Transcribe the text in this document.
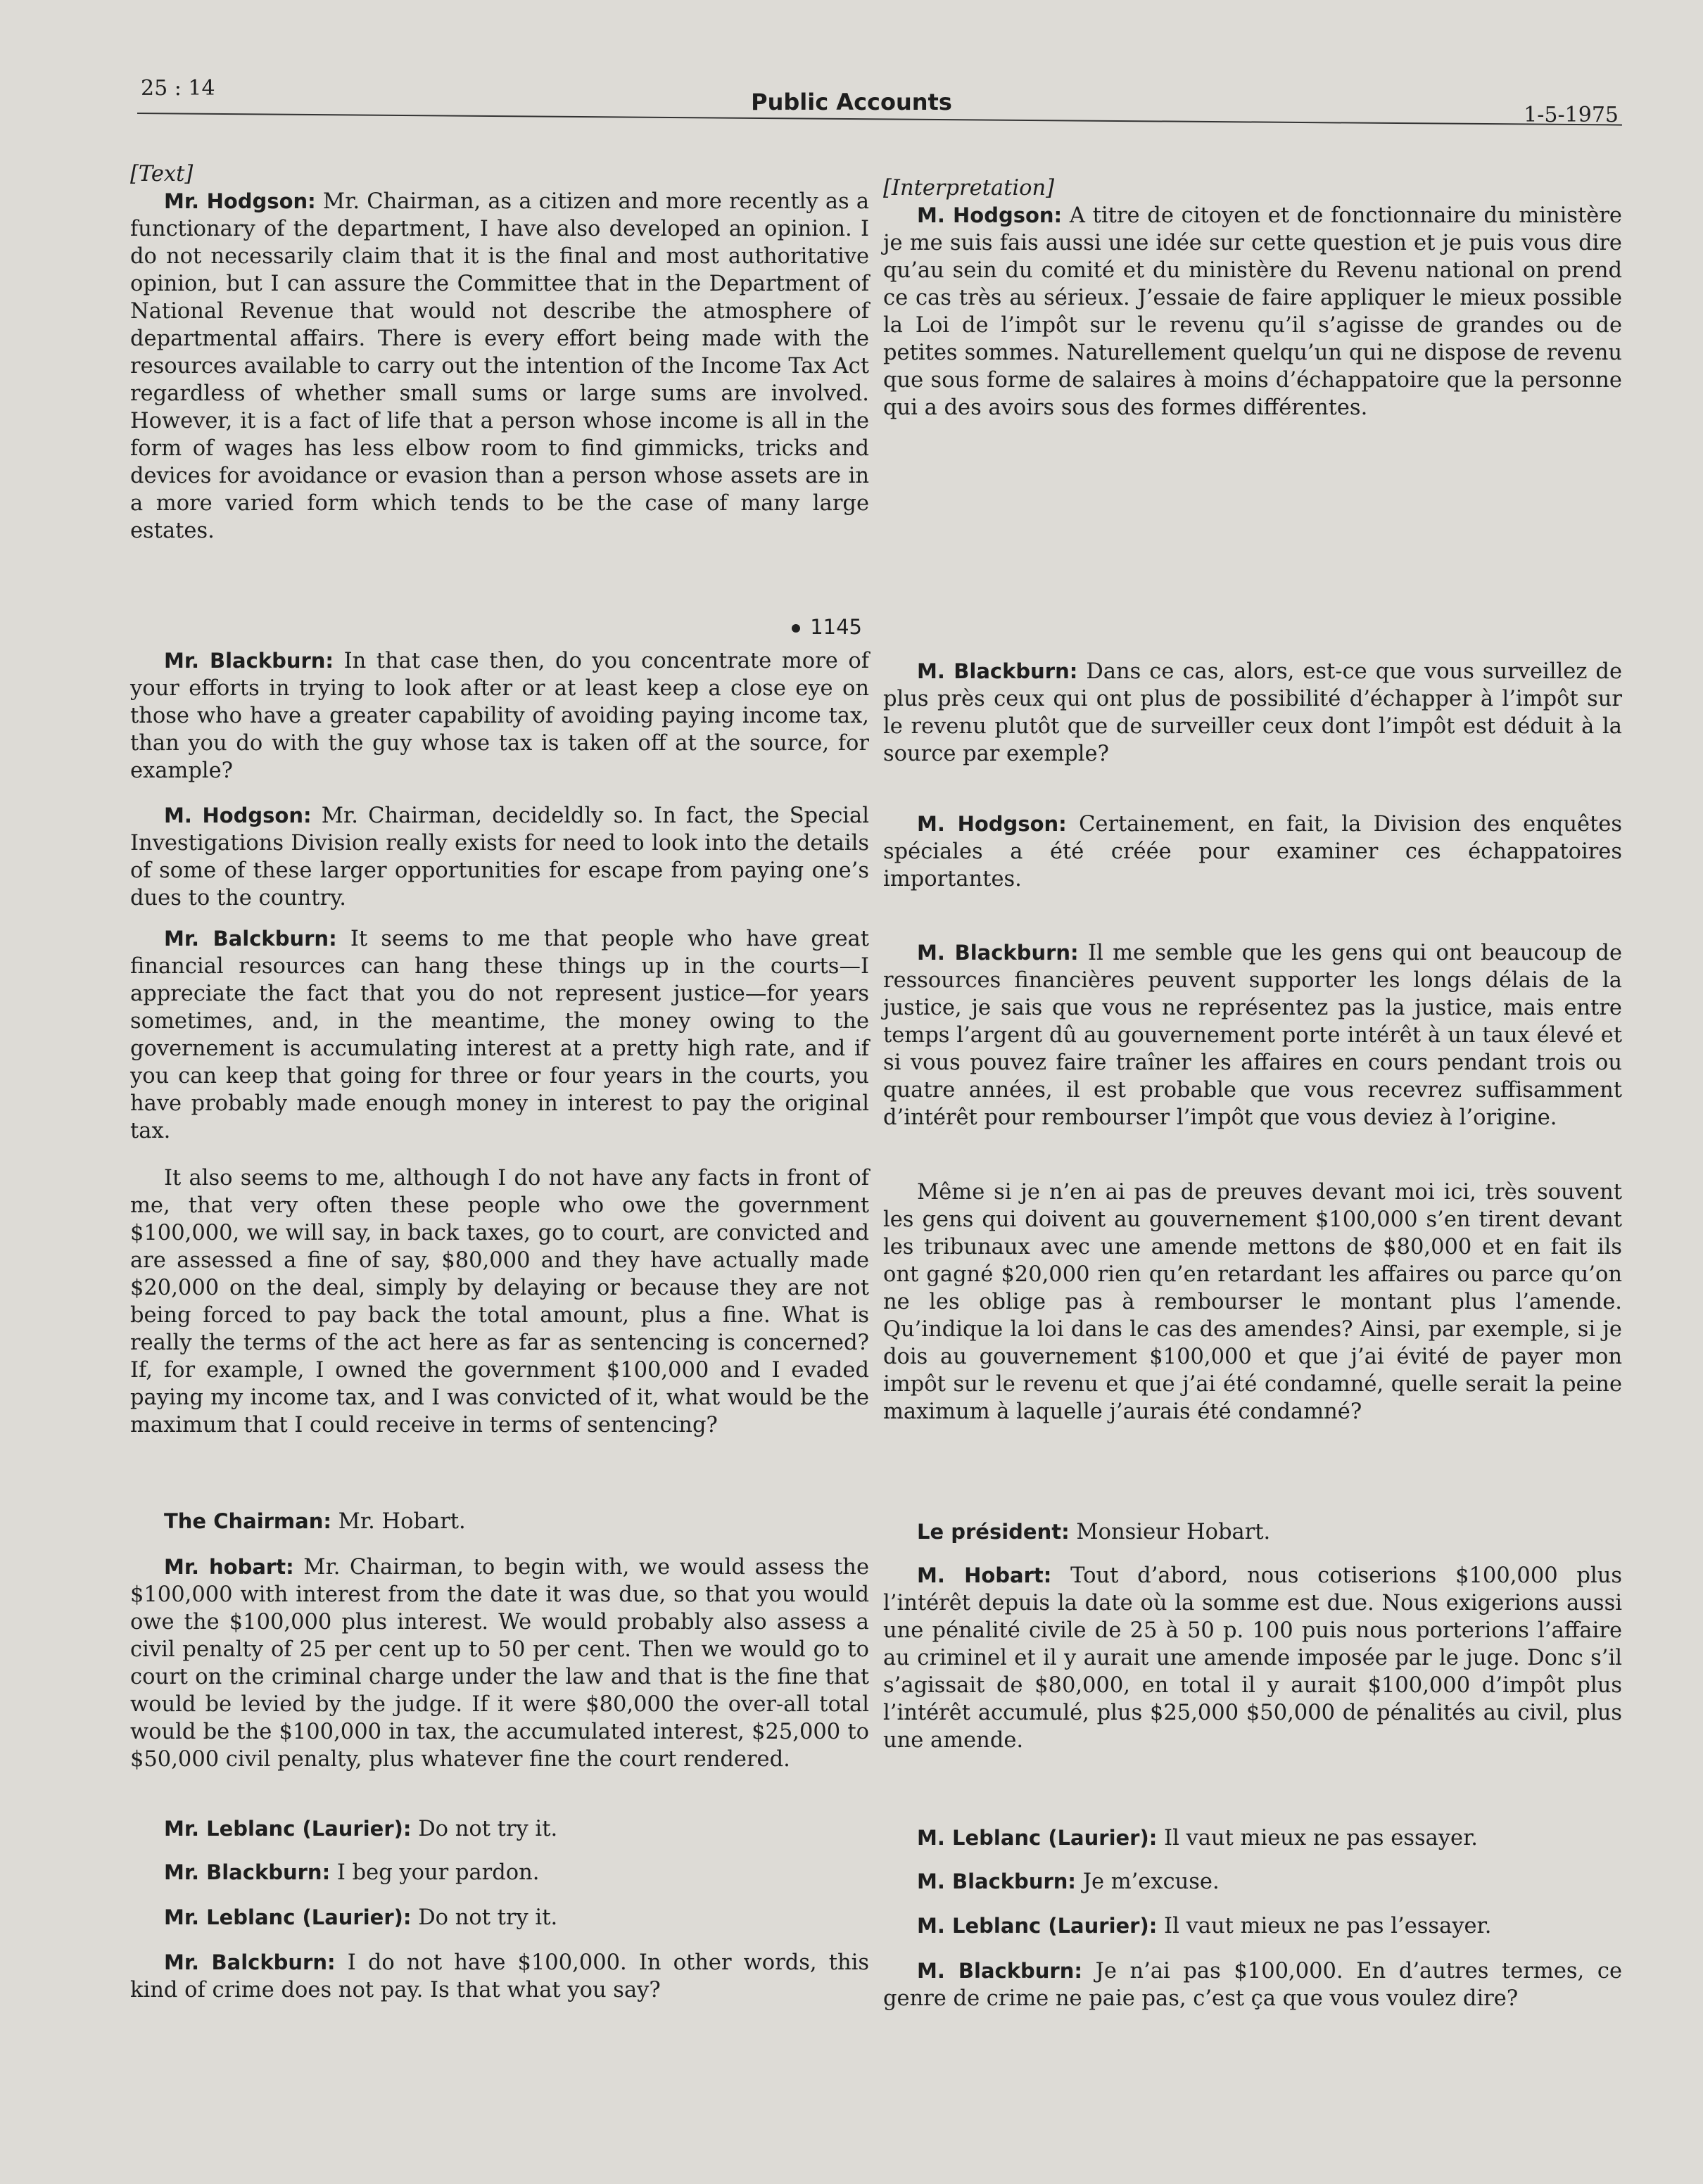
25 : 14
Public Accounts	1-5-1975

[Text]

Mr. Hodgson: Mr. Chairman, as a citizen and more recently as a functionary of the department, I have also developed an opinion. I do not necessarily claim that it is the final and most authoritative opinion, but I can assure the Committee that in the Department of National Revenue that would not describe the atmosphere of departmental affairs. There is every effort being made with the resources available to carry out the intention of the Income Tax Act regardless of whether small sums or large sums are involved. However, it is a fact of life that a person whose income is all in the form of wages has less elbow room to find gimmicks, tricks and devices for avoidance or evasion than a person whose assets are in a more varied form which tends to be the case of many large estates.

1145

Mr. Blackburn: In that case then, do you concentrate more of your efforts in trying to look after or at least keep a close eye on those who have a greater capability of avoiding paying income tax, than you do with the guy whose tax is taken off at the source, for example?

M. Hodgson: Mr. Chairman, decideldly so. In fact, the Special Investigations Division really exists for need to look into the details of some of these larger opportunities for escape from paying one’s dues to the country.

Mr. Balckburn: It seems to me that people who have great financial resources can hang these things up in the courts—I appreciate the fact that you do not represent justice—for years sometimes, and, in the meantime, the money owing to the governement is accumulating interest at a pretty high rate, and if you can keep that going for three or four years in the courts, you have probably made enough money in interest to pay the original tax.

It also seems to me, although I do not have any facts in front of me, that very often these people who owe the government $100,000, we will say, in back taxes, go to court, are convicted and are assessed a fine of say, $80,000 and they have actually made $20,000 on the deal, simply by delaying or because they are not being forced to pay back the total amount, plus a fine. What is really the terms of the act here as far as sentencing is concerned? If, for example, I owned the government $100,000 and I evaded paying my income tax, and I was convicted of it, what would be the maximum that I could receive in terms of sentencing?

The Chairman: Mr. Hobart.

Mr. hobart: Mr. Chairman, to begin with, we would assess the $100,000 with interest from the date it was due, so that you would owe the $100,000 plus interest. We would probably also assess a civil penalty of 25 per cent up to 50 per cent. Then we would go to court on the criminal charge under the law and that is the fine that would be levied by the judge. If it were $80,000 the over-all total would be the $100,000 in tax, the accumulated interest, $25,000 to $50,000 civil penalty, plus whatever fine the court rendered.

Mr. Leblanc (Laurier): Do not try it.

Mr. Blackburn: I beg your pardon.

Mr. Leblanc (Laurier): Do not try it.

Mr. Balckburn: I do not have $100,000. In other words, this kind of crime does not pay. Is that what you say?

[Interpretation]

M. Hodgson: A titre de citoyen et de fonctionnaire du ministère je me suis fais aussi une idée sur cette question et je puis vous dire qu’au sein du comité et du ministère du Revenu national on prend ce cas très au sérieux. J’essaie de faire appliquer le mieux possible la Loi de l’impôt sur le revenu qu’il s’agisse de grandes ou de petites sommes. Naturellement quelqu’un qui ne dispose de revenu que sous forme de salaires à moins d’échappatoire que la personne qui a des avoirs sous des formes différentes.

M. Blackburn: Dans ce cas, alors, est-ce que vous surveillez de plus près ceux qui ont plus de possibilité d’échapper à l’impôt sur le revenu plutôt que de surveiller ceux dont l’impôt est déduit à la source par exemple?

M. Hodgson: Certainement, en fait, la Division des enquêtes spéciales a été créée pour examiner ces échappatoires importantes.

M. Blackburn: Il me semble que les gens qui ont beaucoup de ressources financières peuvent supporter les longs délais de la justice, je sais que vous ne représentez pas la justice, mais entre temps l’argent dû au gouvernement porte intérêt à un taux élevé et si vous pouvez faire traîner les affaires en cours pendant trois ou quatre années, il est probable que vous recevrez suffisamment d’intérêt pour rembourser l’impôt que vous deviez à l’origine.

Même si je n’en ai pas de preuves devant moi ici, très souvent les gens qui doivent au gouvernement $100,000 s’en tirent devant les tribunaux avec une amende mettons de $80,000 et en fait ils ont gagné $20,000 rien qu’en retardant les affaires ou parce qu’on ne les oblige pas à rembourser le montant plus l’amende. Qu’indique la loi dans le cas des amendes? Ainsi, par exemple, si je dois au gouvernement $100,000 et que j’ai évité de payer mon impôt sur le revenu et que j’ai été condamné, quelle serait la peine maximum à laquelle j’aurais été condamné?

Le président: Monsieur Hobart.

M. Hobart: Tout d’abord, nous cotiserions $100,000 plus l’intérêt depuis la date où la somme est due. Nous exigerions aussi une pénalité civile de 25 à 50 p. 100 puis nous porterions l’affaire au criminel et il y aurait une amende imposée par le juge. Donc s’il s’agissait de $80,000, en total il y aurait $100,000 d’impôt plus l’intérêt accumulé, plus $25,000 $50,000 de pénalités au civil, plus une amende.

M. Leblanc (Laurier): Il vaut mieux ne pas essayer.

M. Blackburn: Je m’excuse.

M. Leblanc (Laurier): Il vaut mieux ne pas l’essayer.

M. Blackburn: Je n’ai pas $100,000. En d’autres termes, ce genre de crime ne paie pas, c’est ça que vous voulez dire?
